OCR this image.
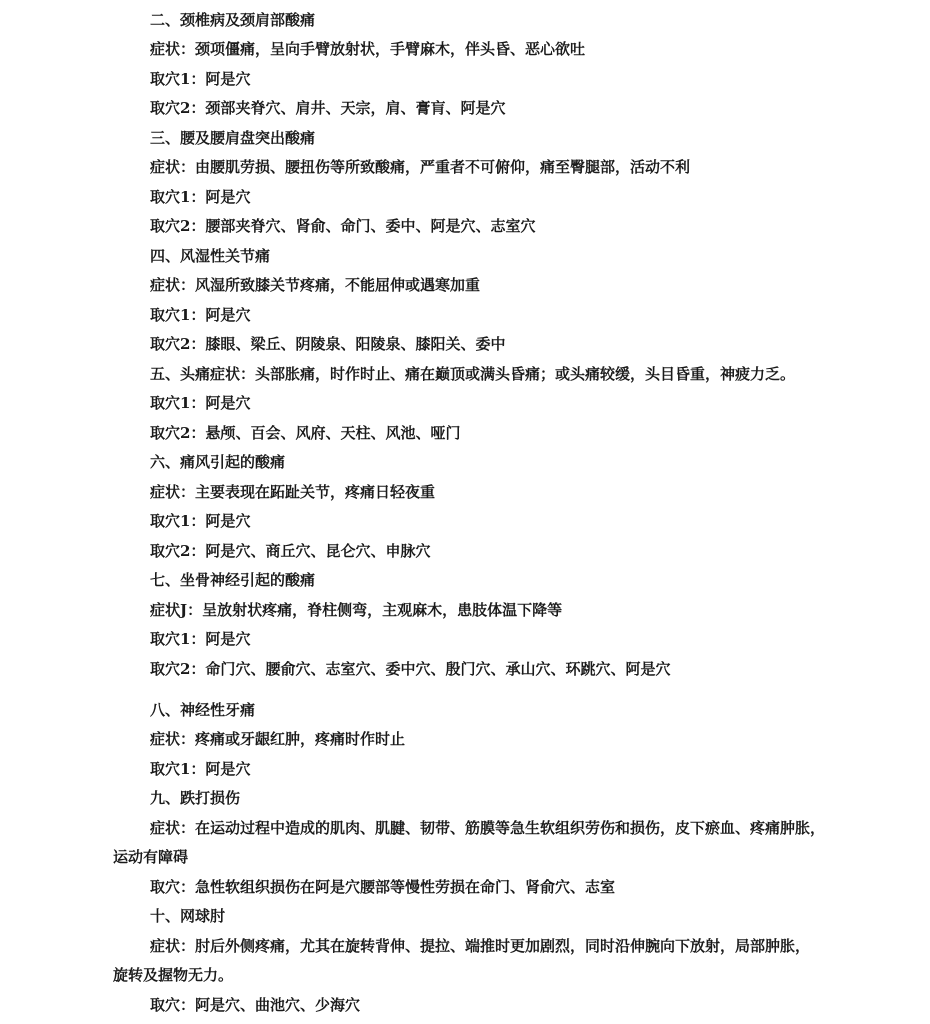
二、颈椎病及颈肩部酸痛
症状：颈项僵痛，呈向手臂放射状，手臂麻木，伴头昏、恶心欲吐
取穴1：阿是穴
取穴2：颈部夹脊穴、肩井、天宗，肩、膏肓、阿是穴
三、腰及腰肩盘突出酸痛
症状：由腰肌劳损、腰扭伤等所致酸痛，严重者不可俯仰，痛至臀腿部，活动不利
取穴1：阿是穴
取穴2：腰部夹脊穴、肾俞、命门、委中、阿是穴、志室穴
四、风湿性关节痛
症状：风湿所致膝关节疼痛，不能屈伸或遇寒加重
取穴1：阿是穴
取穴2：膝眼、梁丘、阴陵泉、阳陵泉、膝阳关、委中
五、头痛症状：头部胀痛，时作时止、痛在巅顶或满头昏痛；或头痛较缓，头目昏重，神疲力乏。
取穴1：阿是穴
取穴2：悬颅、百会、风府、天柱、风池、哑门
六、痛风引起的酸痛
症状：主要表现在跖趾关节，疼痛日轻夜重
取穴1：阿是穴
取穴2：阿是穴、商丘穴、昆仑穴、申脉穴
七、坐骨神经引起的酸痛
症状J：呈放射状疼痛，脊柱侧弯，主观麻木，患肢体温下降等
取穴1：阿是穴
取穴2：命门穴、腰俞穴、志室穴、委中穴、殷门穴、承山穴、环跳穴、阿是穴
八、神经性牙痛
症状：疼痛或牙龈红肿，疼痛时作时止
取穴1：阿是穴
九、跌打损伤
症状：在运动过程中造成的肌肉、肌腱、韧带、筋膜等急生软组织劳伤和损伤，皮下瘀血、疼痛肿胀，
运动有障碍
取穴：急性软组织损伤在阿是穴腰部等慢性劳损在命门、肾俞穴、志室
十、网球肘
症状：肘后外侧疼痛，尤其在旋转背伸、提拉、端推时更加剧烈，同时沿伸腕向下放射，局部肿胀，
旋转及握物无力。
取穴：阿是穴、曲池穴、少海穴
